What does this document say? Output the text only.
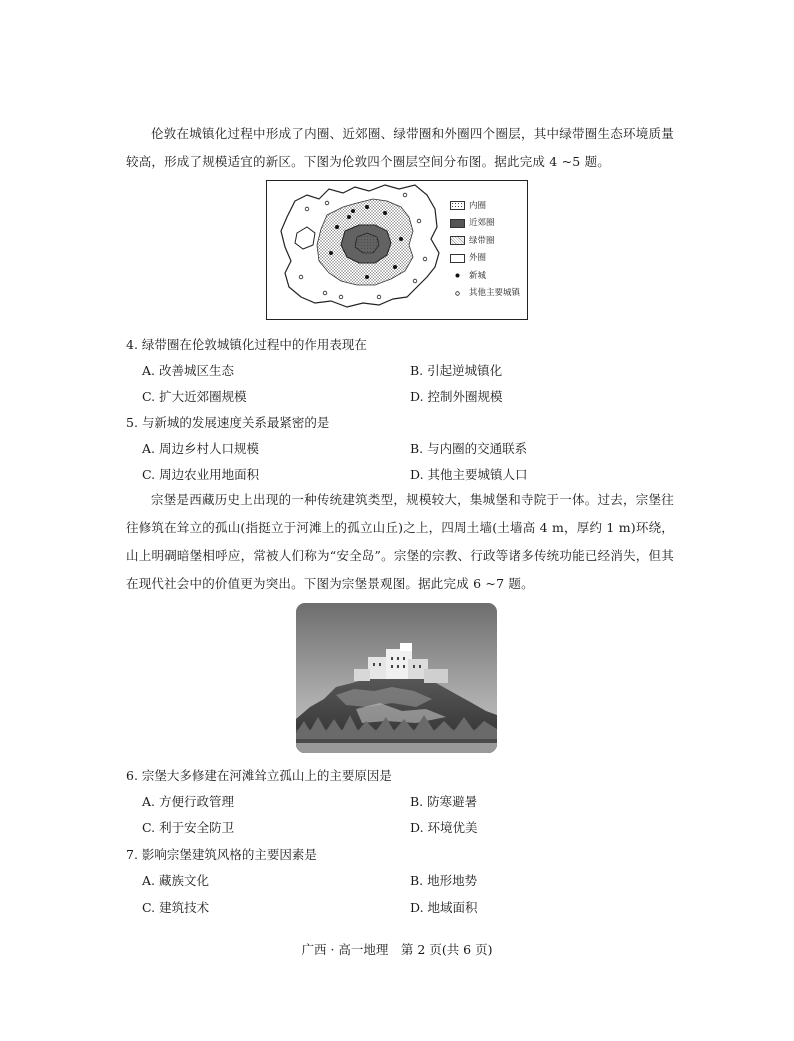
伦敦在城镇化过程中形成了内圈、近郊圈、绿带圈和外圈四个圈层，其中绿带圈生态环境质量较高，形成了规模适宜的新区。下图为伦敦四个圈层空间分布图。据此完成 4 ~5 题。

内圈
近郊圈
绿带圈
外圈
新城
其他主要城镇

4. 绿带圈在伦敦城镇化过程中的作用表现在

A. 改善城区生态	B. 引起逆城镇化

C. 扩大近郊圈规模	D. 控制外圈规模

5. 与新城的发展速度关系最紧密的是

A. 周边乡村人口规模	B. 与内圈的交通联系

C. 周边农业用地面积	D. 其他主要城镇人口

宗堡是西藏历史上出现的一种传统建筑类型，规模较大，集城堡和寺院于一体。过去，宗堡往往修筑在耸立的孤山(指挺立于河滩上的孤立山丘)之上，四周土墙(土墙高 4 m，厚约 1 m)环绕，山上明碉暗堡相呼应，常被人们称为“安全岛”。宗堡的宗教、行政等诸多传统功能已经消失，但其在现代社会中的价值更为突出。下图为宗堡景观图。据此完成 6 ~7 题。

6. 宗堡大多修建在河滩耸立孤山上的主要原因是

A. 方便行政管理	B. 防寒避暑

C. 利于安全防卫	D. 环境优美

7. 影响宗堡建筑风格的主要因素是

A. 藏族文化	B. 地形地势

C. 建筑技术	D. 地域面积

广西 · 高一地理　第 2 页(共 6 页)
